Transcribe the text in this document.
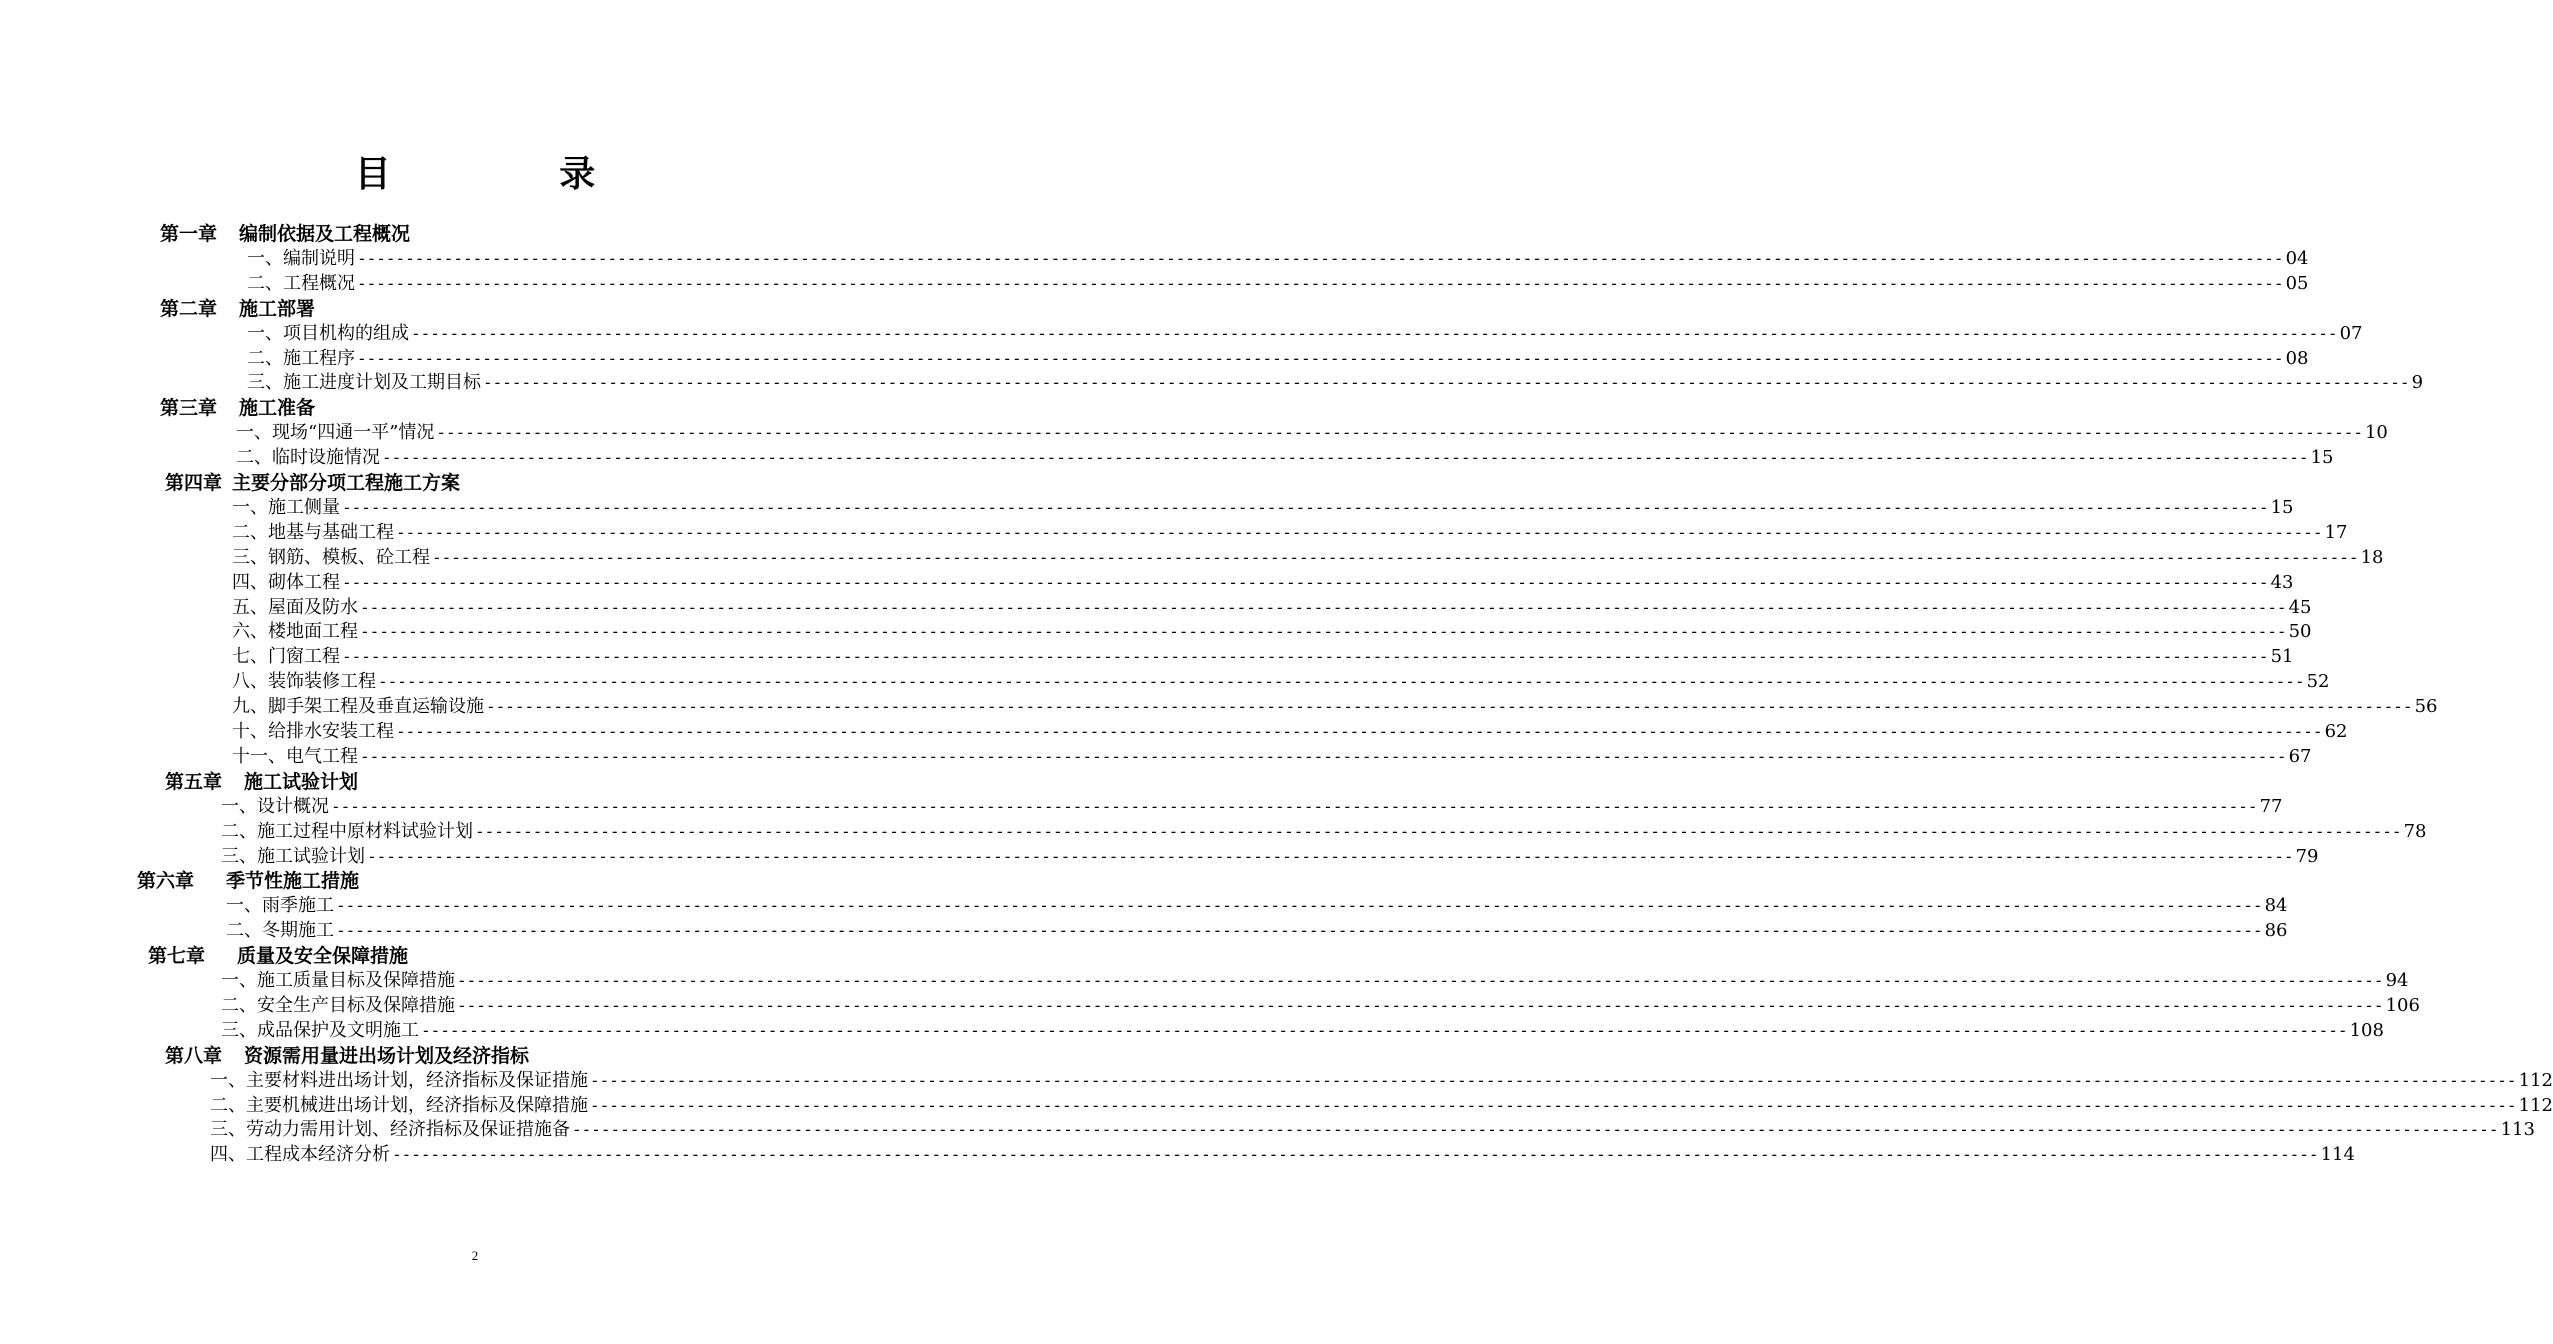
目 录
第一章 编制依据及工程概况
一、编制说明 -------------------------------------------------------------------------------------------------------------------------------------------------------------------------------------------------------- 04
二、工程概况 -------------------------------------------------------------------------------------------------------------------------------------------------------------------------------------------------------- 05
第二章 施工部署
一、项目机构的组成 -------------------------------------------------------------------------------------------------------------------------------------------------------------------------------------------------------- 07
二、施工程序 -------------------------------------------------------------------------------------------------------------------------------------------------------------------------------------------------------- 08
三、施工进度计划及工期目标 -------------------------------------------------------------------------------------------------------------------------------------------------------------------------------------------------------- 9
第三章 施工准备
一、现场“四通一平”情况 -------------------------------------------------------------------------------------------------------------------------------------------------------------------------------------------------------- 10
二、临时设施情况 -------------------------------------------------------------------------------------------------------------------------------------------------------------------------------------------------------- 15
第四章 主要分部分项工程施工方案
一、施工侧量 -------------------------------------------------------------------------------------------------------------------------------------------------------------------------------------------------------- 15
二、地基与基础工程 -------------------------------------------------------------------------------------------------------------------------------------------------------------------------------------------------------- 17
三、钢筋、模板、砼工程 -------------------------------------------------------------------------------------------------------------------------------------------------------------------------------------------------------- 18
四、砌体工程 -------------------------------------------------------------------------------------------------------------------------------------------------------------------------------------------------------- 43
五、屋面及防水 -------------------------------------------------------------------------------------------------------------------------------------------------------------------------------------------------------- 45
六、楼地面工程 -------------------------------------------------------------------------------------------------------------------------------------------------------------------------------------------------------- 50
七、门窗工程 -------------------------------------------------------------------------------------------------------------------------------------------------------------------------------------------------------- 51
八、装饰装修工程 -------------------------------------------------------------------------------------------------------------------------------------------------------------------------------------------------------- 52
九、脚手架工程及垂直运输设施 -------------------------------------------------------------------------------------------------------------------------------------------------------------------------------------------------------- 56
十、给排水安装工程 -------------------------------------------------------------------------------------------------------------------------------------------------------------------------------------------------------- 62
十一、电气工程 -------------------------------------------------------------------------------------------------------------------------------------------------------------------------------------------------------- 67
第五章 施工试验计划
一、设计概况 -------------------------------------------------------------------------------------------------------------------------------------------------------------------------------------------------------- 77
二、施工过程中原材料试验计划 -------------------------------------------------------------------------------------------------------------------------------------------------------------------------------------------------------- 78
三、施工试验计划 -------------------------------------------------------------------------------------------------------------------------------------------------------------------------------------------------------- 79
第六章 季节性施工措施
一、雨季施工 -------------------------------------------------------------------------------------------------------------------------------------------------------------------------------------------------------- 84
二、冬期施工 -------------------------------------------------------------------------------------------------------------------------------------------------------------------------------------------------------- 86
第七章 质量及安全保障措施
一、施工质量目标及保障措施 -------------------------------------------------------------------------------------------------------------------------------------------------------------------------------------------------------- 94
二、安全生产目标及保障措施 -------------------------------------------------------------------------------------------------------------------------------------------------------------------------------------------------------- 106
三、成品保护及文明施工 -------------------------------------------------------------------------------------------------------------------------------------------------------------------------------------------------------- 108
第八章 资源需用量进出场计划及经济指标
一、主要材料进出场计划，经济指标及保证措施 -------------------------------------------------------------------------------------------------------------------------------------------------------------------------------------------------------- 112
二、主要机械进出场计划，经济指标及保障措施 -------------------------------------------------------------------------------------------------------------------------------------------------------------------------------------------------------- 112
三、劳动力需用计划、经济指标及保证措施备 -------------------------------------------------------------------------------------------------------------------------------------------------------------------------------------------------------- 113
四、工程成本经济分析 -------------------------------------------------------------------------------------------------------------------------------------------------------------------------------------------------------- 114
2
